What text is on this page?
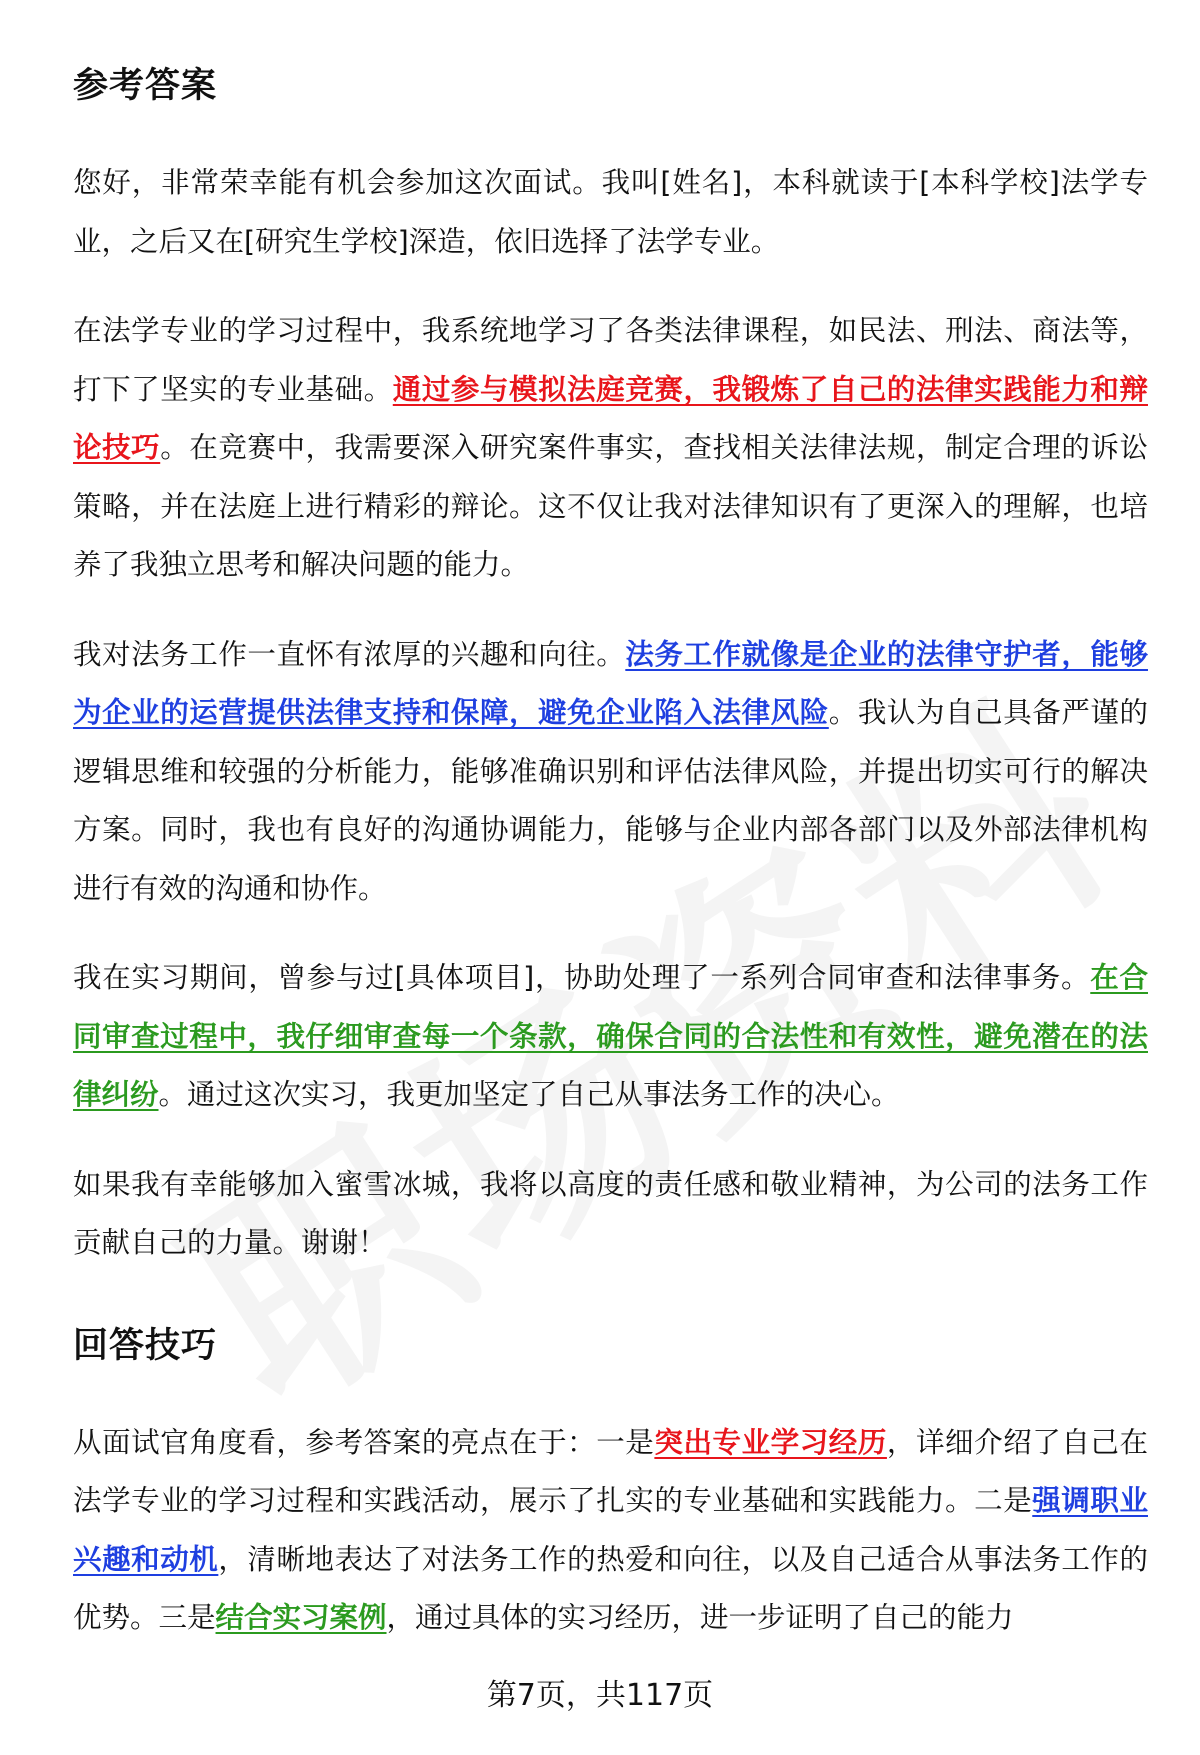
参考答案

您好，非常荣幸能有机会参加这次面试。我叫[姓名]，本科就读于[本科学校]法学专业，之后又在[研究生学校]深造，依旧选择了法学专业。

在法学专业的学习过程中，我系统地学习了各类法律课程，如民法、刑法、商法等，打下了坚实的专业基础。通过参与模拟法庭竞赛，我锻炼了自己的法律实践能力和辩论技巧。在竞赛中，我需要深入研究案件事实，查找相关法律法规，制定合理的诉讼策略，并在法庭上进行精彩的辩论。这不仅让我对法律知识有了更深入的理解，也培养了我独立思考和解决问题的能力。

我对法务工作一直怀有浓厚的兴趣和向往。法务工作就像是企业的法律守护者，能够为企业的运营提供法律支持和保障，避免企业陷入法律风险。我认为自己具备严谨的逻辑思维和较强的分析能力，能够准确识别和评估法律风险，并提出切实可行的解决方案。同时，我也有良好的沟通协调能力，能够与企业内部各部门以及外部法律机构进行有效的沟通和协作。

我在实习期间，曾参与过[具体项目]，协助处理了一系列合同审查和法律事务。在合同审查过程中，我仔细审查每一个条款，确保合同的合法性和有效性，避免潜在的法律纠纷。通过这次实习，我更加坚定了自己从事法务工作的决心。

如果我有幸能够加入蜜雪冰城，我将以高度的责任感和敬业精神，为公司的法务工作贡献自己的力量。谢谢！

回答技巧

从面试官角度看，参考答案的亮点在于：一是突出专业学习经历，详细介绍了自己在法学专业的学习过程和实践活动，展示了扎实的专业基础和实践能力。二是强调职业兴趣和动机，清晰地表达了对法务工作的热爱和向往，以及自己适合从事法务工作的优势。三是结合实习案例，通过具体的实习经历，进一步证明了自己的能力

第7页，共117页
